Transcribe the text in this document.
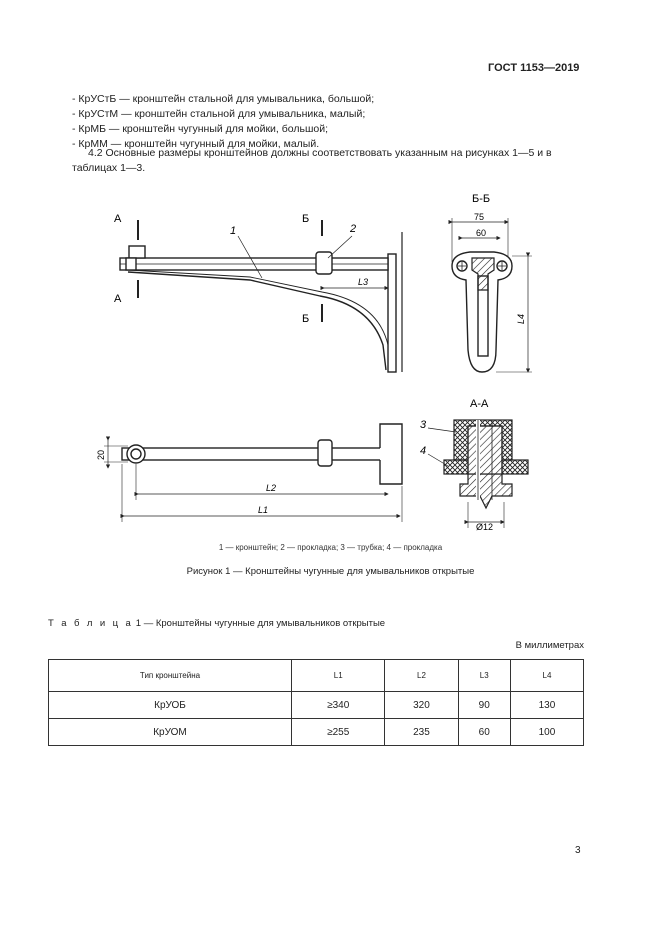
ГОСТ 1153—2019
- КрУСтБ — кронштейн стальной для умывальника, большой;
- КрУСтМ — кронштейн стальной для умывальника, малый;
- КрМБ — кронштейн чугунный для мойки, большой;
- КрММ — кронштейн чугунный для мойки, малый.
4.2 Основные размеры кронштейнов должны соответствовать указанным на рисунках 1—5 и в таблицах 1—3.
А
А
Б
Б
1	2
L3
Б-Б
75
60
L4
20
L2
L1
А-А
3
4
Ø12
1 — кронштейн; 2 — прокладка; 3 — трубка; 4 — прокладка
Рисунок 1 — Кронштейны чугунные для умывальников открытые
Т а б л и ц а 1 — Кронштейны чугунные для умывальников открытые
В миллиметрах
Тип кронштейна	L1	L2	L3	L4
КрУОБ	≥340	320	90	130
КрУОМ	≥255	235	60	100
3
